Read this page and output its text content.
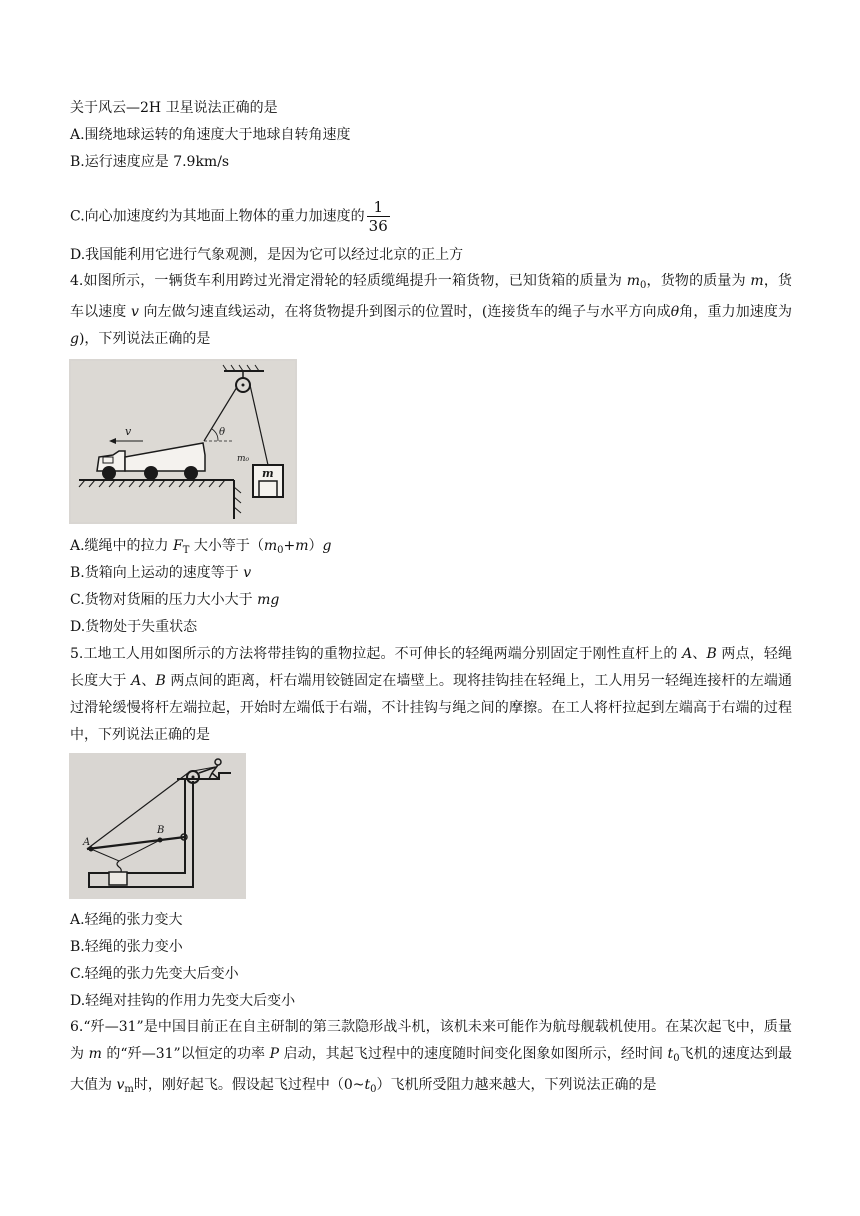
关于风云—2H 卫星说法正确的是
A.围绕地球运转的角速度大于地球自转角速度
B.运行速度应是 7.9km/s
C.向心加速度约为其地面上物体的重力加速度的 $\frac{1}{36}$
D.我国能利用它进行气象观测，是因为它可以经过北京的正上方
4.如图所示，一辆货车利用跨过光滑定滑轮的轻质缆绳提升一箱货物，已知货箱的质量为 $m_0$，货物的质量为 m，货车以速度 v 向左做匀速直线运动，在将货物提升到图示的位置时，(连接货车的绳子与水平方向成θ角，重力加速度为 g)，下列说法正确的是
θ
v
m₀
m
A.缆绳中的拉力 $F_T$ 大小等于$(m_0+m)g$
B.货箱向上运动的速度等于 v
C.货物对货厢的压力大小大于 mg
D.货物处于失重状态
5.工地工人用如图所示的方法将带挂钩的重物拉起。不可伸长的轻绳两端分别固定于刚性直杆上的 A、B 两点，轻绳长度大于 A、B 两点间的距离，杆右端用铰链固定在墙壁上。现将挂钩挂在轻绳上，工人用另一轻绳连接杆的左端通过滑轮缓慢将杆左端拉起，开始时左端低于右端，不计挂钩与绳之间的摩擦。在工人将杆拉起到左端高于右端的过程中，下列说法正确的是
A
B
A.轻绳的张力变大
B.轻绳的张力变小
C.轻绳的张力先变大后变小
D.轻绳对挂钩的作用力先变大后变小
6.“歼—31”是中国目前正在自主研制的第三款隐形战斗机，该机未来可能作为航母舰载机使用。在某次起飞中，质量为 m 的“歼—31”以恒定的功率 P 启动，其起飞过程中的速度随时间变化图象如图所示，经时间 $t_0$飞机的速度达到最大值为 $v_m$时，刚好起飞。假设起飞过程中$(0\sim t_0)$飞机所受阻力越来越大，下列说法正确的是
